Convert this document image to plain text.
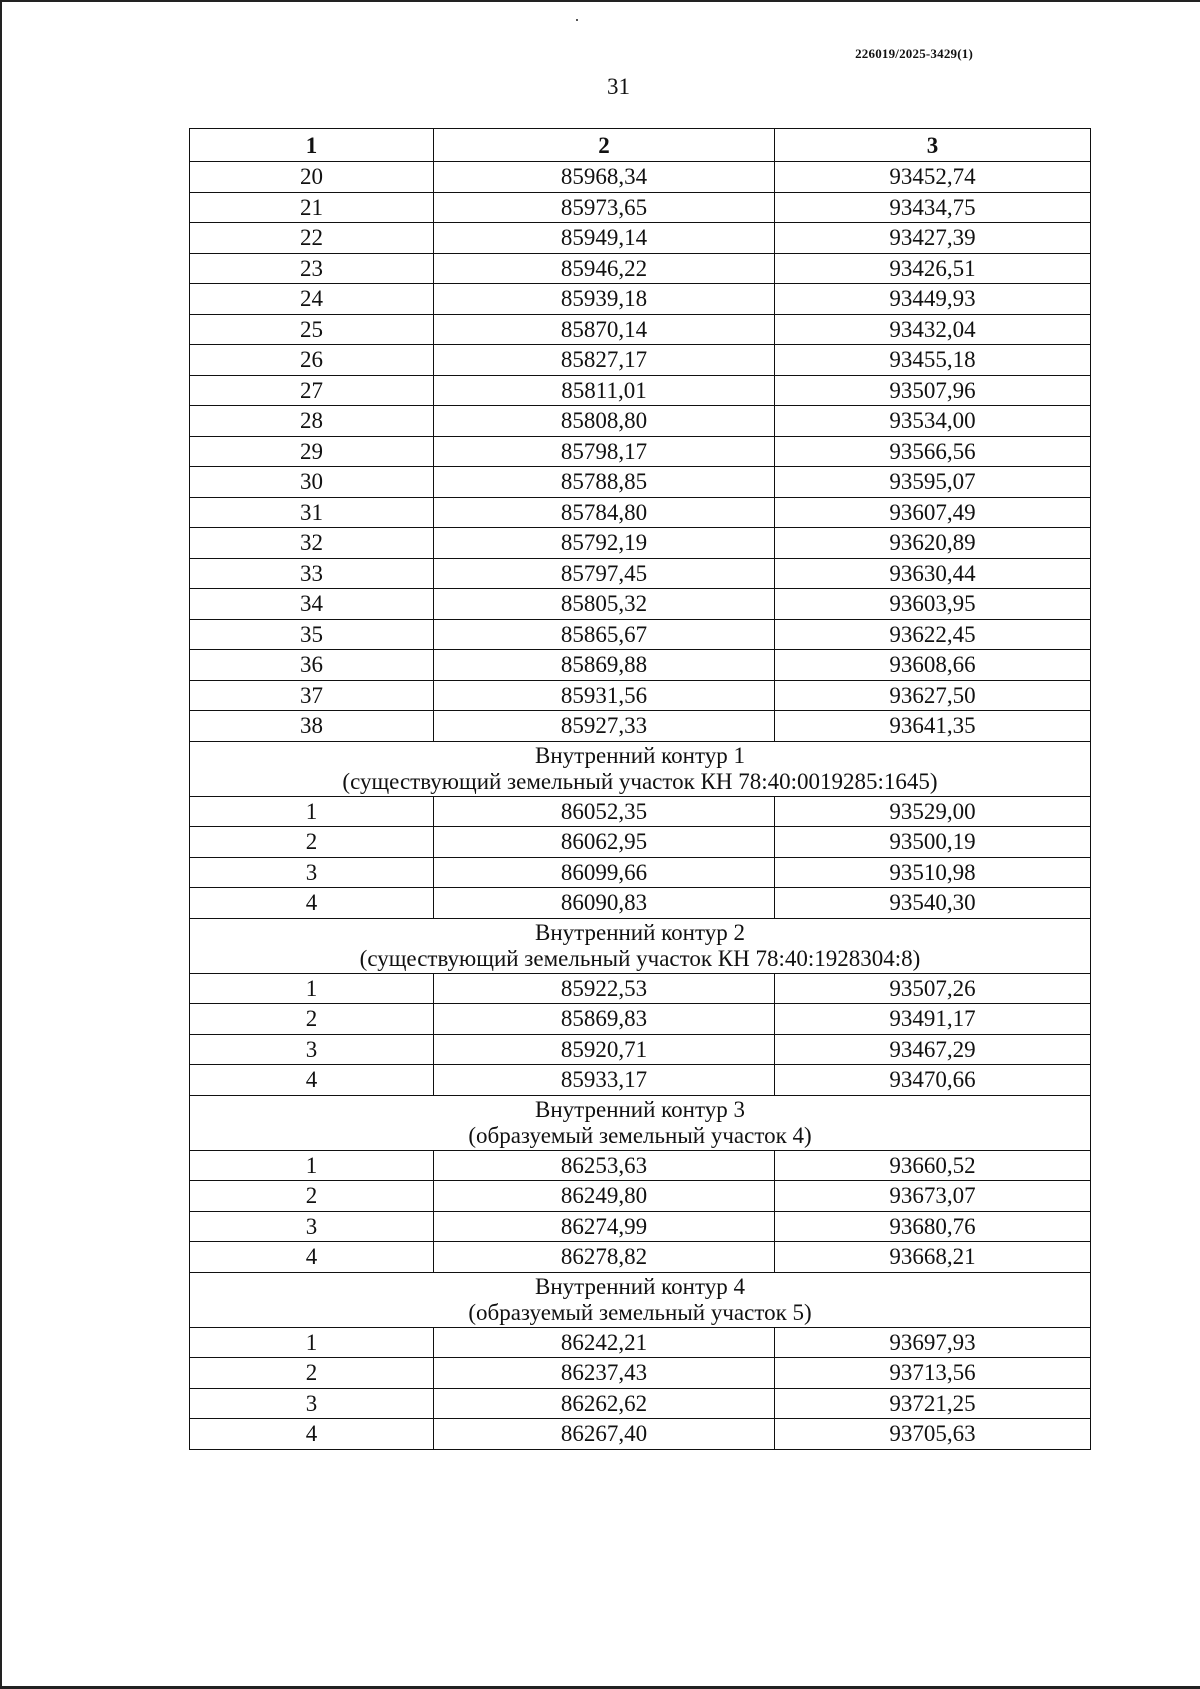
226019/2025-3429(1)
31
1	2	3
20	85968,34	93452,74
21	85973,65	93434,75
22	85949,14	93427,39
23	85946,22	93426,51
24	85939,18	93449,93
25	85870,14	93432,04
26	85827,17	93455,18
27	85811,01	93507,96
28	85808,80	93534,00
29	85798,17	93566,56
30	85788,85	93595,07
31	85784,80	93607,49
32	85792,19	93620,89
33	85797,45	93630,44
34	85805,32	93603,95
35	85865,67	93622,45
36	85869,88	93608,66
37	85931,56	93627,50
38	85927,33	93641,35

Внутренний контур 1
(существующий земельный участок КН 78:40:0019285:1645)		

1	86052,35	93529,00
2	86062,95	93500,19
3	86099,66	93510,98
4	86090,83	93540,30

Внутренний контур 2
(существующий земельный участок КН 78:40:1928304:8)		

1	85922,53	93507,26
2	85869,83	93491,17
3	85920,71	93467,29
4	85933,17	93470,66

Внутренний контур 3
(образуемый земельный участок 4)		

1	86253,63	93660,52
2	86249,80	93673,07
3	86274,99	93680,76
4	86278,82	93668,21

Внутренний контур 4
(образуемый земельный участок 5)		

1	86242,21	93697,93
2	86237,43	93713,56
3	86262,62	93721,25
4	86267,40	93705,63
